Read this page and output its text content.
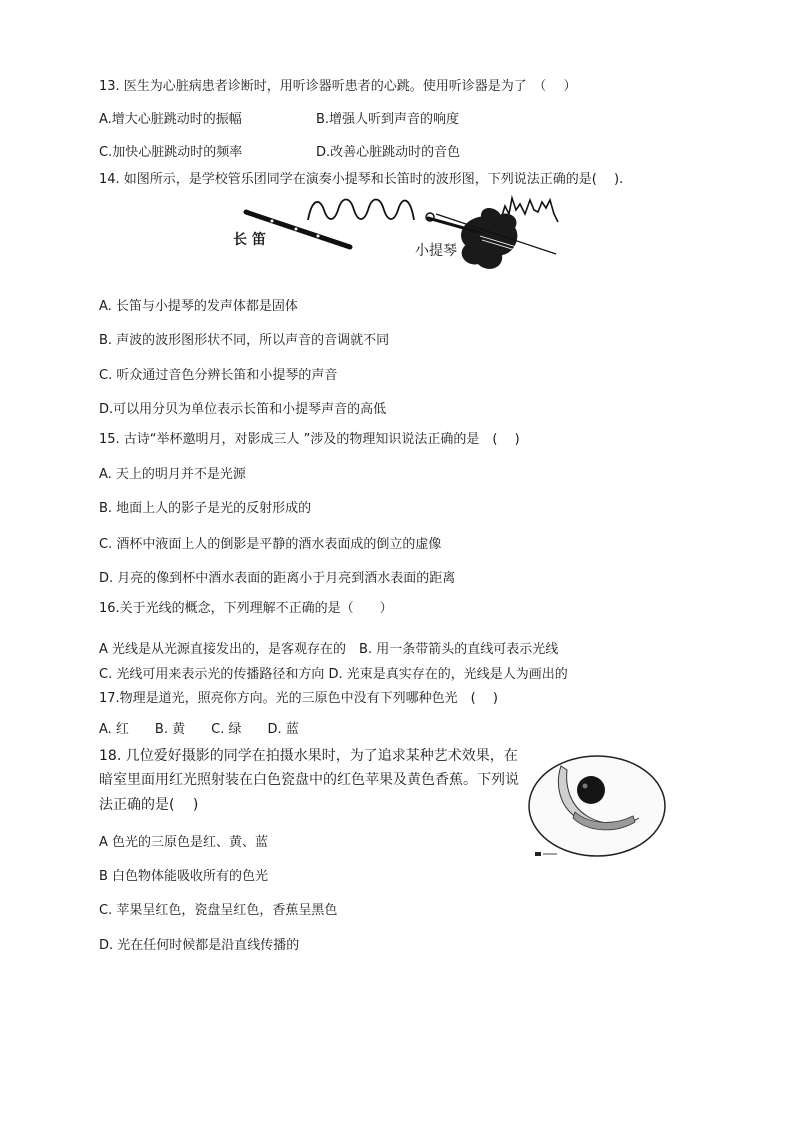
13. 医生为心脏病患者诊断时，用听诊器听患者的心跳。使用听诊器是为了　（　 ）
A.增大心脏跳动时的振幅	B.增强人听到声音的响度
C.加快心脏跳动时的频率	D.改善心脏跳动时的音色
14. 如图所示，是学校管乐团同学在演奏小提琴和长笛时的波形图，下列说法正确的是(　 ).
长 笛
小提琴
A. 长笛与小提琴的发声体都是固体
B. 声波的波形图形状不同，所以声音的音调就不同
C. 听众通过音色分辨长笛和小提琴的声音
D.可以用分贝为单位表示长笛和小提琴声音的高低
15. 古诗“举杯邀明月，对影成三人 ”涉及的物理知识说法正确的是　(　 )
A. 天上的明月并不是光源
B. 地面上人的影子是光的反射形成的
C. 酒杯中液面上人的倒影是平静的酒水表面成的倒立的虚像
D. 月亮的像到杯中酒水表面的距离小于月亮到酒水表面的距离
16.关于光线的概念，下列理解不正确的是（　　）
A 光线是从光源直接发出的，是客观存在的　B. 用一条带箭头的直线可表示光线
C. 光线可用来表示光的传播路径和方向 D. 光束是真实存在的，光线是人为画出的
17.物理是道光，照亮你方向。光的三原色中没有下列哪种色光　(　 )
A. 红　　B. 黄　　C. 绿　　D. 蓝
18. 几位爱好摄影的同学在拍摄水果时，为了追求某种艺术效果，在
暗室里面用红光照射装在白色瓷盘中的红色苹果及黄色香蕉。下列说
法正确的是(　 )
A 色光的三原色是红、黄、蓝
B 白色物体能吸收所有的色光
C. 苹果呈红色，瓷盘呈红色，香蕉呈黑色
D. 光在任何时候都是沿直线传播的
